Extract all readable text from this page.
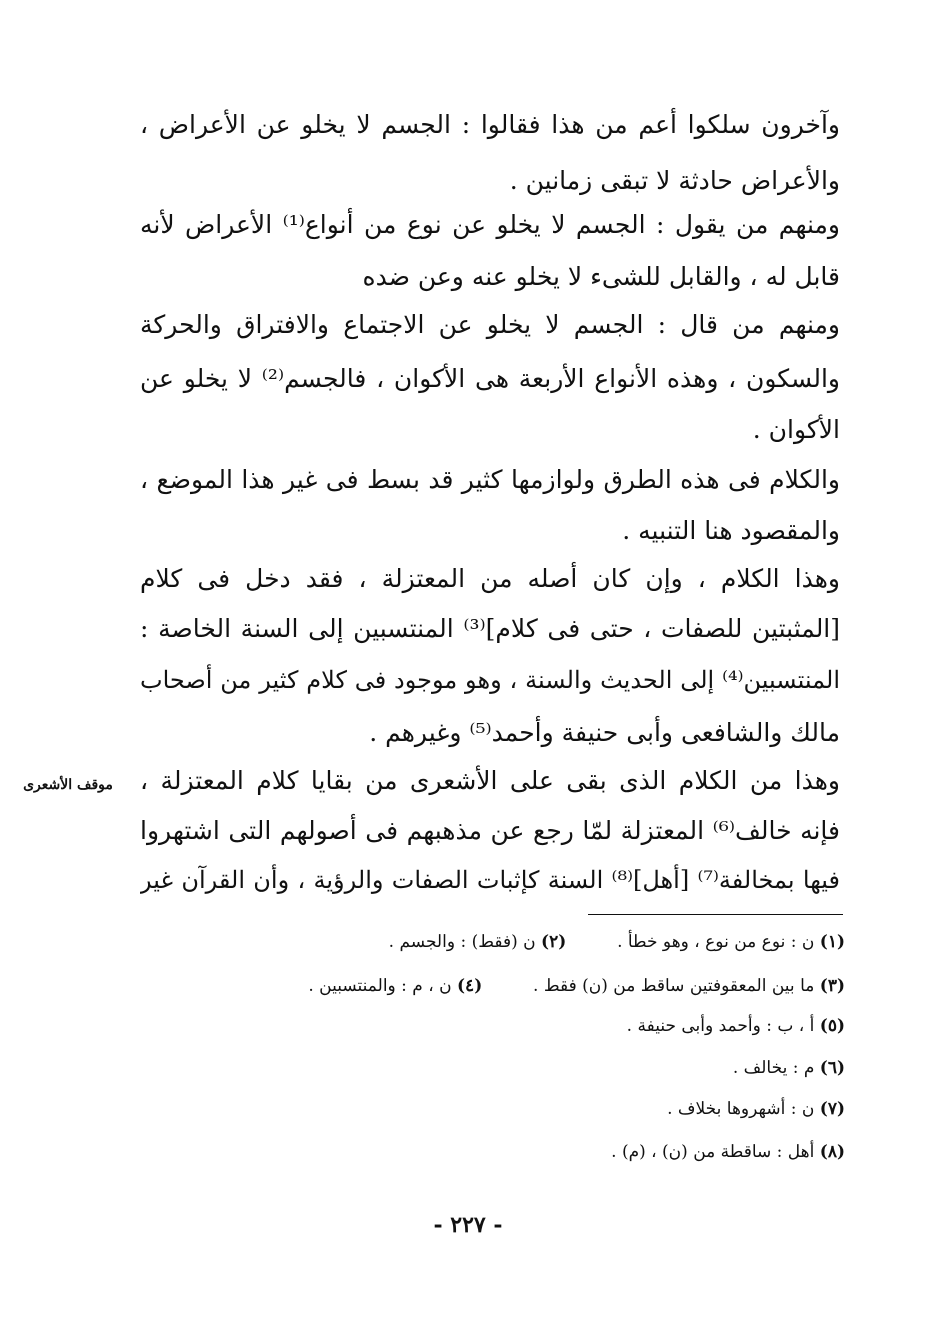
وآخرون سلكوا أعم من هذا فقالوا : الجسم لا يخلو عن الأعراض ،
والأعراض حادثة لا تبقى زمانين .
ومنهم من يقول : الجسم لا يخلو عن نوع من أنواع⁽¹⁾ الأعراض لأنه
قابل له ، والقابل للشىء لا يخلو عنه وعن ضده
ومنهم من قال : الجسم لا يخلو عن الاجتماع والافتراق والحركة
والسكون ، وهذه الأنواع الأربعة هى الأكوان ، فالجسم⁽²⁾ لا يخلو عن
الأكوان .
والكلام فى هذه الطرق ولوازمها كثير قد بسط فى غير هذا الموضع ،
والمقصود هنا التنبيه .
وهذا الكلام ، وإن كان أصله من المعتزلة ، فقد دخل فى كلام
[المثبتين للصفات ، حتى فى كلام]⁽³⁾ المنتسبين إلى السنة الخاصة :
المنتسبين⁽⁴⁾ إلى الحديث والسنة ، وهو موجود فى كلام كثير من أصحاب
مالك والشافعى وأبى حنيفة وأحمد⁽⁵⁾ وغيرهم .
وهذا من الكلام الذى بقى على الأشعرى من بقايا كلام المعتزلة ،
فإنه خالف⁽⁶⁾ المعتزلة لمّا رجع عن مذهبهم فى أصولهم التى اشتهروا
فيها بمخالفة⁽⁷⁾ [أهل]⁽⁸⁾ السنة كإثبات الصفات والرؤية ، وأن القرآن غير
موقف الأشعرى
(١) ن : نوع من نوع ، وهو خطأ .  (٢) ن (فقط) : والجسم .
(٣) ما بين المعقوفتين ساقط من (ن) فقط .  (٤) ن ، م : والمنتسبين .
(٥) أ ، ب : وأحمد وأبى حنيفة .
(٦) م : يخالف .
(٧) ن : أشهروها بخلاف .
(٨) أهل : ساقطة من (ن) ، (م) .
- ٢٢٧ -
